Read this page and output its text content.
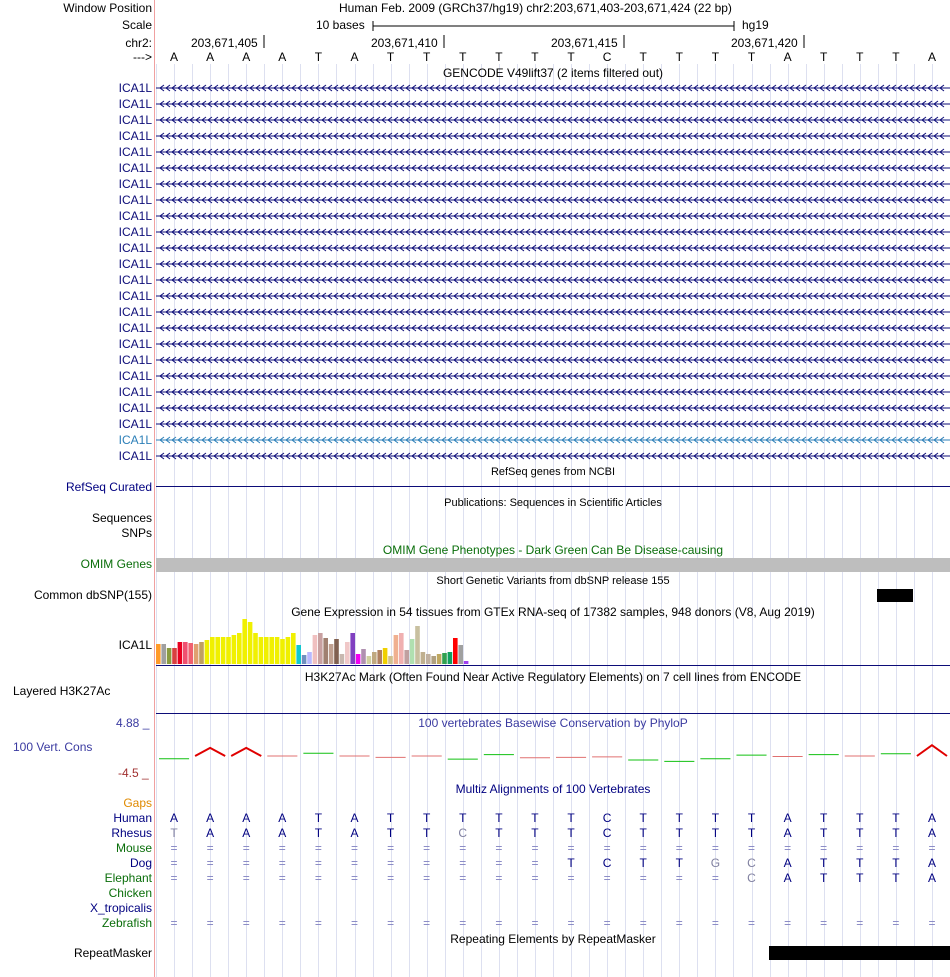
Window Position
Scale
chr2:
--->
Human Feb. 2009 (GRCh37/hg19) chr2:203,671,403-203,671,424 (22 bp)
10 bases	hg19
203,671,405	203,671,410	203,671,415	203,671,420
A	A	A	A	T	A	T	T	T	T	T	T	C	T	T	T	T	A	T	T	T	A
GENCODE V49lift37 (2 items filtered out)
ICA1L
ICA1L
ICA1L
ICA1L
ICA1L
ICA1L
ICA1L
ICA1L
ICA1L
ICA1L
ICA1L
ICA1L
ICA1L
ICA1L
ICA1L
ICA1L
ICA1L
ICA1L
ICA1L
ICA1L
ICA1L
ICA1L
ICA1L
ICA1L
RefSeq genes from NCBI
RefSeq Curated
Publications: Sequences in Scientific Articles
Sequences
SNPs
OMIM Gene Phenotypes - Dark Green Can Be Disease-causing
OMIM Genes
Short Genetic Variants from dbSNP release 155
Common dbSNP(155)
Gene Expression in 54 tissues from GTEx RNA-seq of 17382 samples, 948 donors (V8, Aug 2019)
ICA1L
H3K27Ac Mark (Often Found Near Active Regulatory Elements) on 7 cell lines from ENCODE
Layered H3K27Ac
100 vertebrates Basewise Conservation by PhyloP
4.88 _
100 Vert. Cons
-4.5 _
Multiz Alignments of 100 Vertebrates
Gaps
Human	A	A	A	A	T	A	T	T	T	T	T	T	C	T	T	T	T	A	T	T	T	A
Rhesus	T	A	A	A	T	A	T	T	C	T	T	T	C	T	T	T	T	A	T	T	T	A
Mouse	=	=	=	=	=	=	=	=	=	=	=	=	=	=	=	=	=	=	=	=	=	=
Dog	=	=	=	=	=	=	=	=	=	=	=	T	C	T	T	G	C	A	T	T	T	A
Elephant	=	=	=	=	=	=	=	=	=	=	=	=	=	=	=	=	C	A	T	T	T	A
Chicken
X_tropicalis
Zebrafish	=	=	=	=	=	=	=	=	=	=	=	=	=	=	=	=	=	=	=	=	=	=
Repeating Elements by RepeatMasker
RepeatMasker
